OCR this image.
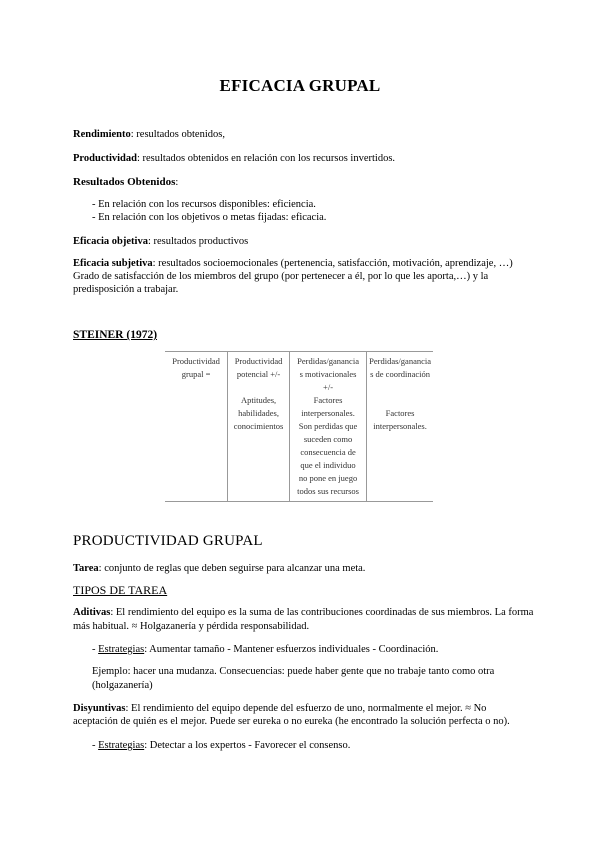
EFICACIA GRUPAL
Rendimiento: resultados obtenidos,
Productividad: resultados obtenidos en relación con los recursos invertidos.
Resultados Obtenidos:
- En relación con los recursos disponibles: eficiencia.
- En relación con los objetivos o metas fijadas: eficacia.
Eficacia objetiva: resultados productivos
Eficacia subjetiva: resultados socioemocionales (pertenencia, satisfacción, motivación, aprendizaje, …)
Grado de satisfacción de los miembros del grupo (por pertenecer a él, por lo que les aporta,…) y la
predisposición a trabajar.
STEINER (1972)
Productividad
grupal =

Productividad
potencial +/-
Aptitudes,
habilidades,
conocimientos

Perdidas/ganancia
s motivacionales
+/-
Factores
interpersonales.
Son perdidas que
suceden como
consecuencia de
que el individuo
no pone en juego
todos sus recursos

Perdidas/ganancia
s de coordinación
Factores
interpersonales.
PRODUCTIVIDAD GRUPAL
Tarea: conjunto de reglas que deben seguirse para alcanzar una meta.
TIPOS DE TAREA
Aditivas: El rendimiento del equipo es la suma de las contribuciones coordinadas de sus miembros. La forma
más habitual. ≈ Holgazanería y pérdida responsabilidad.
- Estrategias: Aumentar tamaño - Mantener esfuerzos individuales - Coordinación.
Ejemplo: hacer una mudanza. Consecuencias: puede haber gente que no trabaje tanto como otra
(holgazanería)
Disyuntivas: El rendimiento del equipo depende del esfuerzo de uno, normalmente el mejor. ≈ No
aceptación de quién es el mejor. Puede ser eureka o no eureka (he encontrado la solución perfecta o no).
- Estrategias: Detectar a los expertos - Favorecer el consenso.
